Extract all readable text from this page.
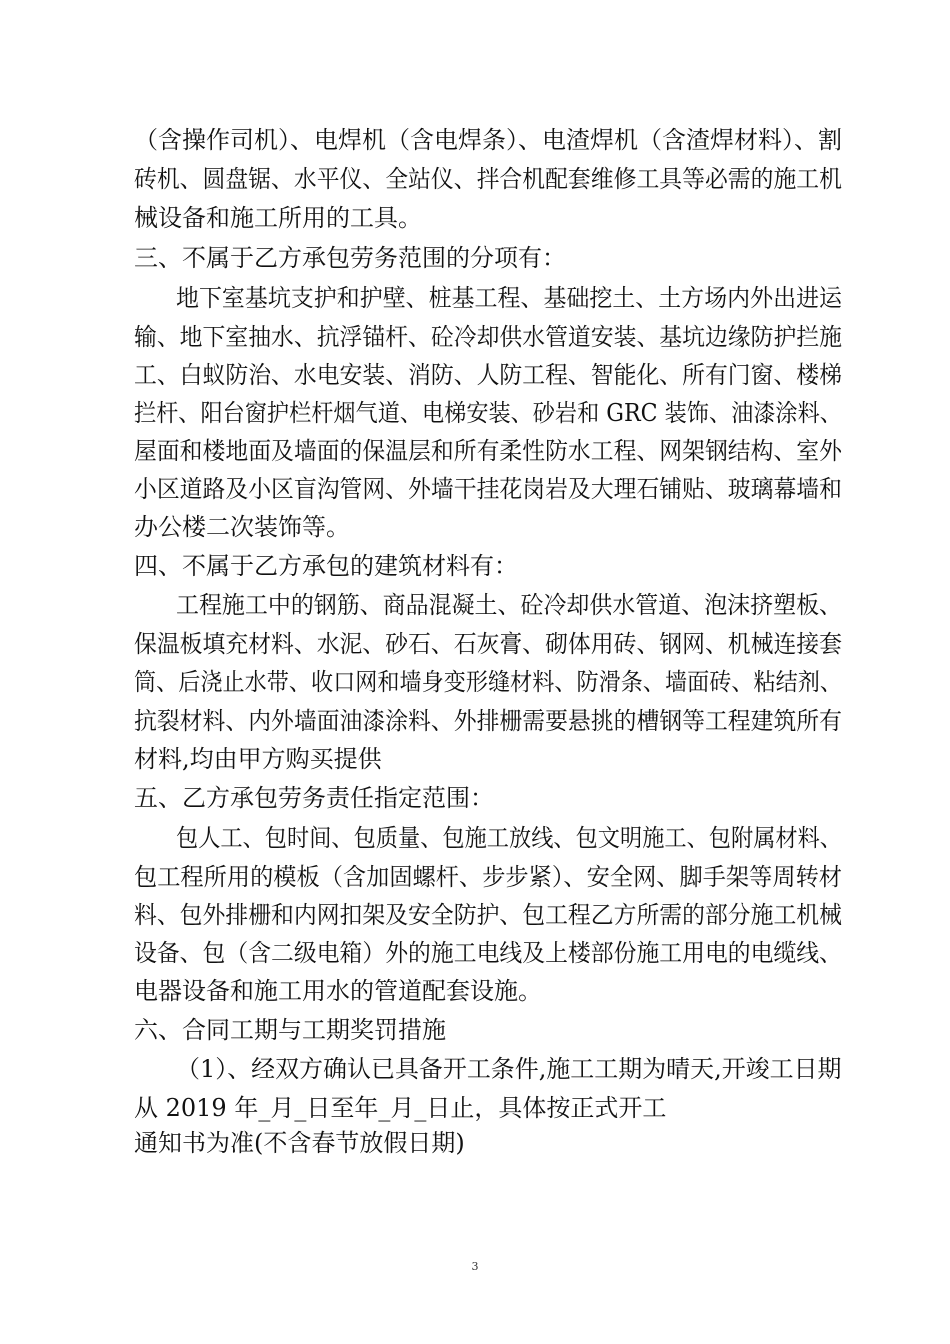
（含操作司机）、电焊机（含电焊条）、电渣焊机（含渣焊材料）、割
砖机、圆盘锯、水平仪、全站仪、拌合机配套维修工具等必需的施工机
械设备和施工所用的工具。
三、不属于乙方承包劳务范围的分项有：
地下室基坑支护和护壁、桩基工程、基础挖土、土方场内外出进运
输、地下室抽水、抗浮锚杆、砼冷却供水管道安装、基坑边缘防护拦施
工、白蚁防治、水电安装、消防、人防工程、智能化、所有门窗、楼梯
拦杆、阳台窗护栏杆烟气道、电梯安装、砂岩和 GRC 装饰、油漆涂料、
屋面和楼地面及墙面的保温层和所有柔性防水工程、网架钢结构、室外
小区道路及小区盲沟管网、外墙干挂花岗岩及大理石铺贴、玻璃幕墙和
办公楼二次装饰等。
四、不属于乙方承包的建筑材料有：
工程施工中的钢筋、商品混凝土、砼冷却供水管道、泡沫挤塑板、
保温板填充材料、水泥、砂石、石灰膏、砌体用砖、钢网、机械连接套
筒、后浇止水带、收口网和墙身变形缝材料、防滑条、墙面砖、粘结剂、
抗裂材料、内外墙面油漆涂料、外排栅需要悬挑的槽钢等工程建筑所有
材料,均由甲方购买提供
五、乙方承包劳务责任指定范围：
包人工、包时间、包质量、包施工放线、包文明施工、包附属材料、
包工程所用的模板（含加固螺杆、步步紧）、安全网、脚手架等周转材
料、包外排栅和内网扣架及安全防护、包工程乙方所需的部分施工机械
设备、包（含二级电箱）外的施工电线及上楼部份施工用电的电缆线、
电器设备和施工用水的管道配套设施。
六、合同工期与工期奖罚措施
（1）、经双方确认已具备开工条件,施工工期为晴天,开竣工日期
从 2019 年_月_日至年_月_日止，具体按正式开工
通知书为准(不含春节放假日期)
3
